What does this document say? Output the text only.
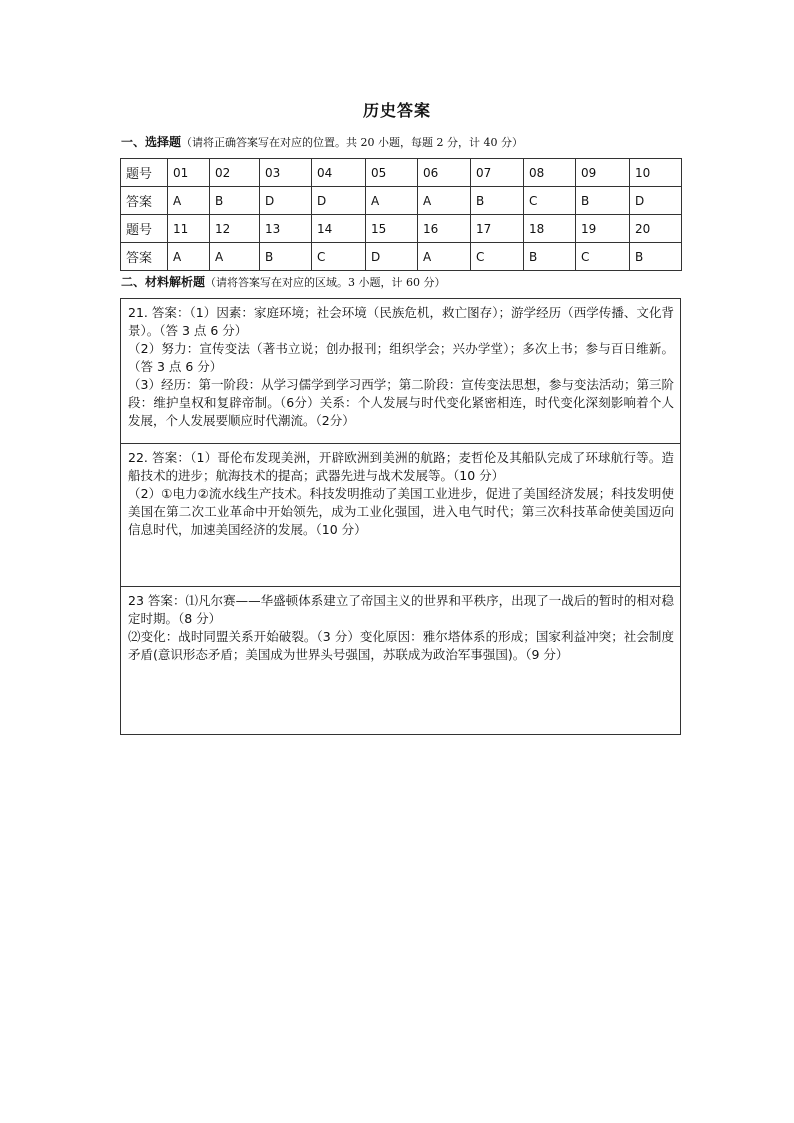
历史答案
一、选择题（请将正确答案写在对应的位置。共 20 小题，每题 2 分，计 40 分）
题号	01	02	03	04	05	06	07	08	09	10
答案	A	B	D	D	A	A	B	C	B	D
题号	11	12	13	14	15	16	17	18	19	20
答案	A	A	B	C	D	A	C	B	C	B
二、材料解析题（请将答案写在对应的区域。3 小题，计 60 分）

21. 答案：（1）因素：家庭环境；社会环境（民族危机，救亡图存）；游学经历（西学传播、文化背景）。（答 3 点 6 分）

（2）努力：宣传变法（著书立说；创办报刊；组织学会；兴办学堂）；多次上书；参与百日维新。（答 3 点 6 分）

（3）经历：第一阶段：从学习儒学到学习西学；第二阶段：宣传变法思想，参与变法活动；第三阶段：维护皇权和复辟帝制。（6分）关系：个人发展与时代变化紧密相连，时代变化深刻影响着个人发展，个人发展要顺应时代潮流。（2分）

22. 答案：（1）哥伦布发现美洲，开辟欧洲到美洲的航路；麦哲伦及其船队完成了环球航行等。造船技术的进步；航海技术的提高；武器先进与战术发展等。（10 分）

（2）①电力②流水线生产技术。科技发明推动了美国工业进步，促进了美国经济发展；科技发明使美国在第二次工业革命中开始领先，成为工业化强国，进入电气时代；第三次科技革命使美国迈向信息时代，加速美国经济的发展。（10 分）

23 答案：⑴凡尔赛——华盛顿体系建立了帝国主义的世界和平秩序，出现了一战后的暂时的相对稳定时期。（8 分）

⑵变化：战时同盟关系开始破裂。（3 分）变化原因：雅尔塔体系的形成；国家利益冲突；社会制度矛盾(意识形态矛盾；美国成为世界头号强国，苏联成为政治军事强国)。（9 分）
